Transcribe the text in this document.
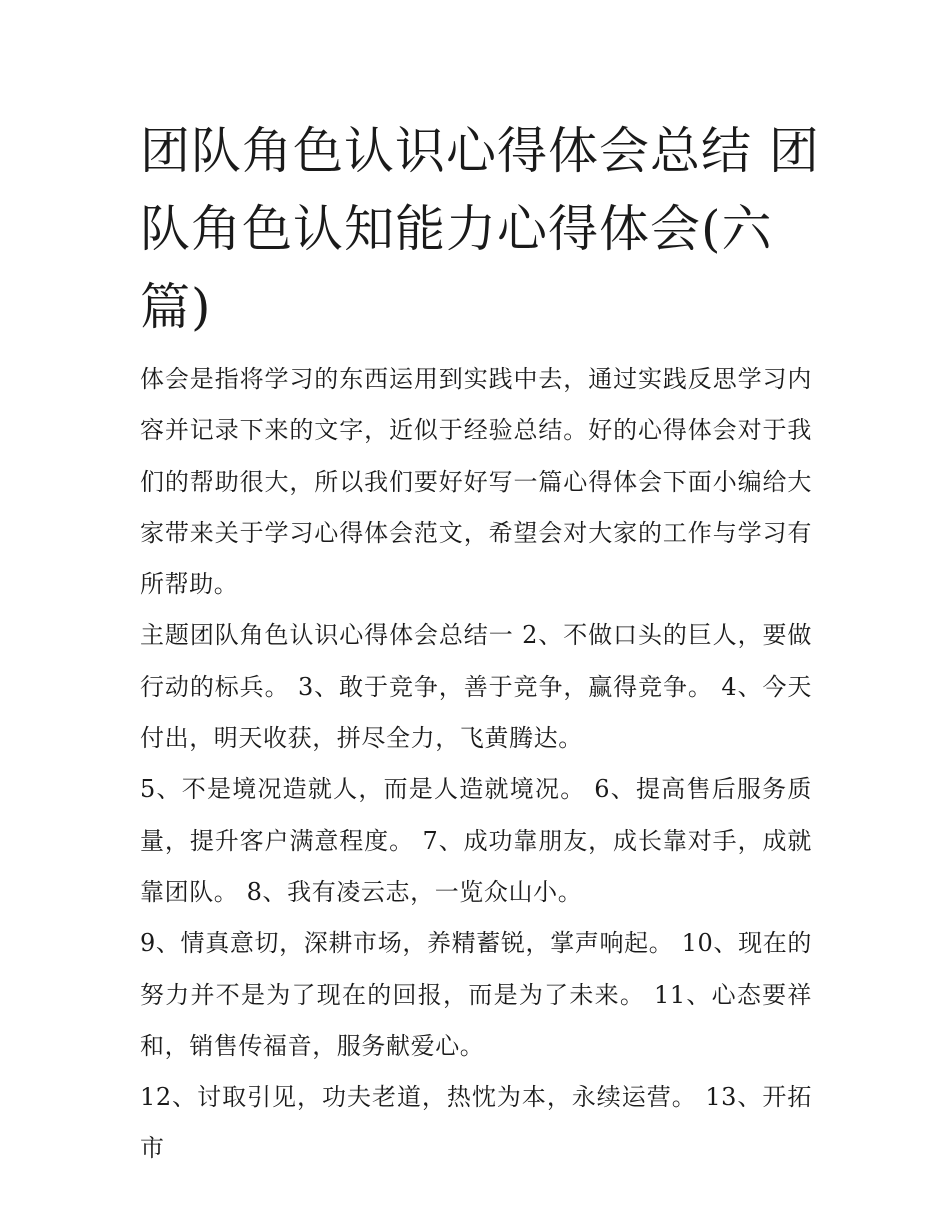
团队角色认识心得体会总结 团队角色认知能力心得体会(六篇)

体会是指将学习的东西运用到实践中去，通过实践反思学习内容并记录下来的文字，近似于经验总结。好的心得体会对于我们的帮助很大，所以我们要好好写一篇心得体会下面小编给大家带来关于学习心得体会范文，希望会对大家的工作与学习有所帮助。

主题团队角色认识心得体会总结一 2、不做口头的巨人，要做行动的标兵。 3、敢于竞争，善于竞争，赢得竞争。 4、今天付出，明天收获，拼尽全力，飞黄腾达。

5、不是境况造就人，而是人造就境况。 6、提高售后服务质量，提升客户满意程度。 7、成功靠朋友，成长靠对手，成就靠团队。 8、我有凌云志，一览众山小。

9、情真意切，深耕市场，养精蓄锐，掌声响起。 10、现在的努力并不是为了现在的回报，而是为了未来。 11、心态要祥和，销售传福音，服务献爱心。

12、讨取引见，功夫老道，热忱为本，永续运营。 13、开拓市
